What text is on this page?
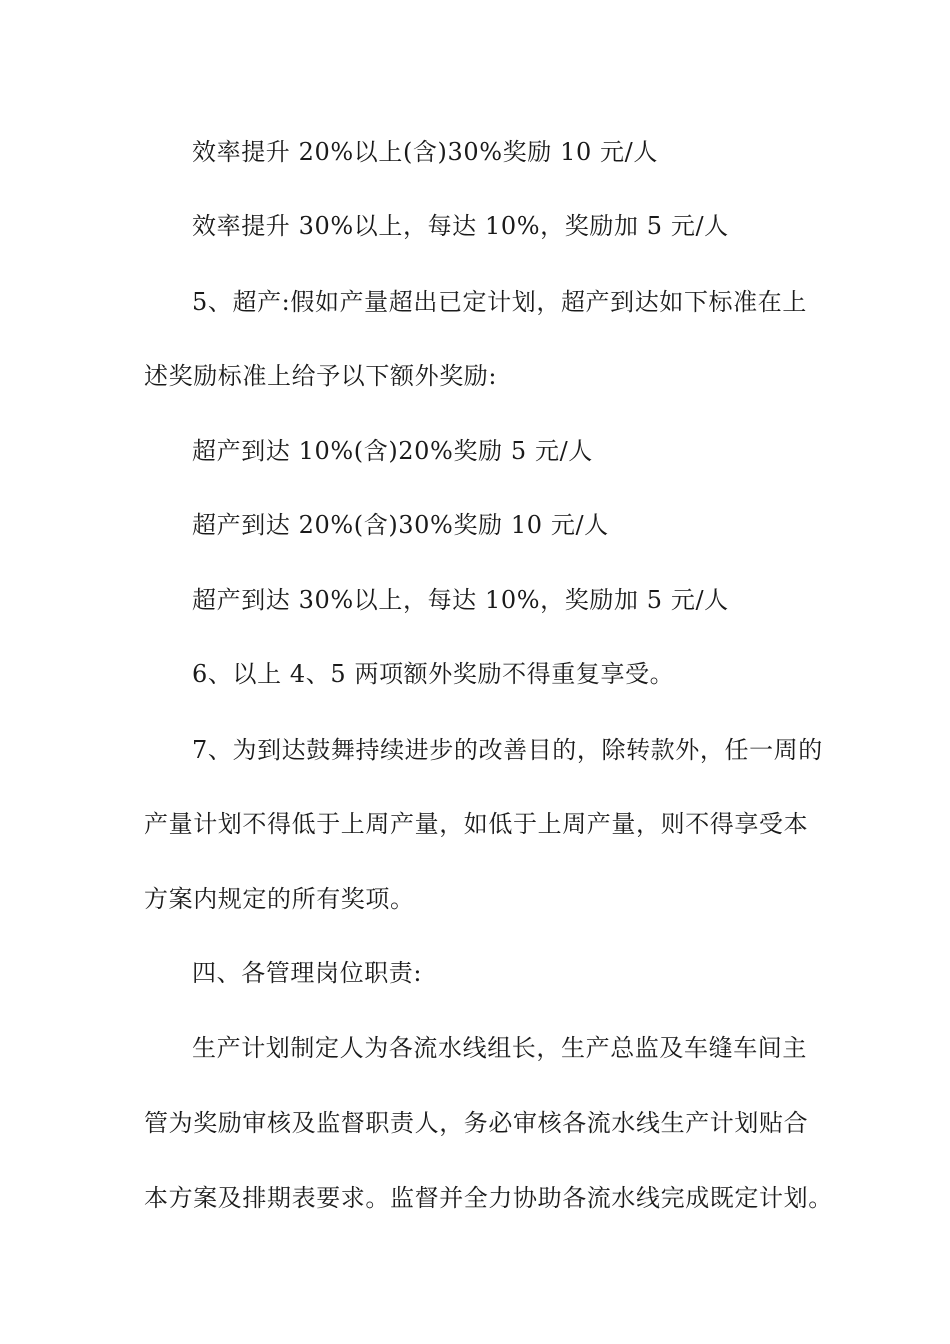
效率提升 20%以上(含)30%奖励 10 元/人
效率提升 30%以上，每达 10%，奖励加 5 元/人
5、超产:假如产量超出已定计划，超产到达如下标准在上
述奖励标准上给予以下额外奖励:
超产到达 10%(含)20%奖励 5 元/人
超产到达 20%(含)30%奖励 10 元/人
超产到达 30%以上，每达 10%，奖励加 5 元/人
6、以上 4、5 两项额外奖励不得重复享受。
7、为到达鼓舞持续进步的改善目的，除转款外，任一周的
产量计划不得低于上周产量，如低于上周产量，则不得享受本
方案内规定的所有奖项。
四、各管理岗位职责:
生产计划制定人为各流水线组长，生产总监及车缝车间主
管为奖励审核及监督职责人，务必审核各流水线生产计划贴合
本方案及排期表要求。监督并全力协助各流水线完成既定计划。
